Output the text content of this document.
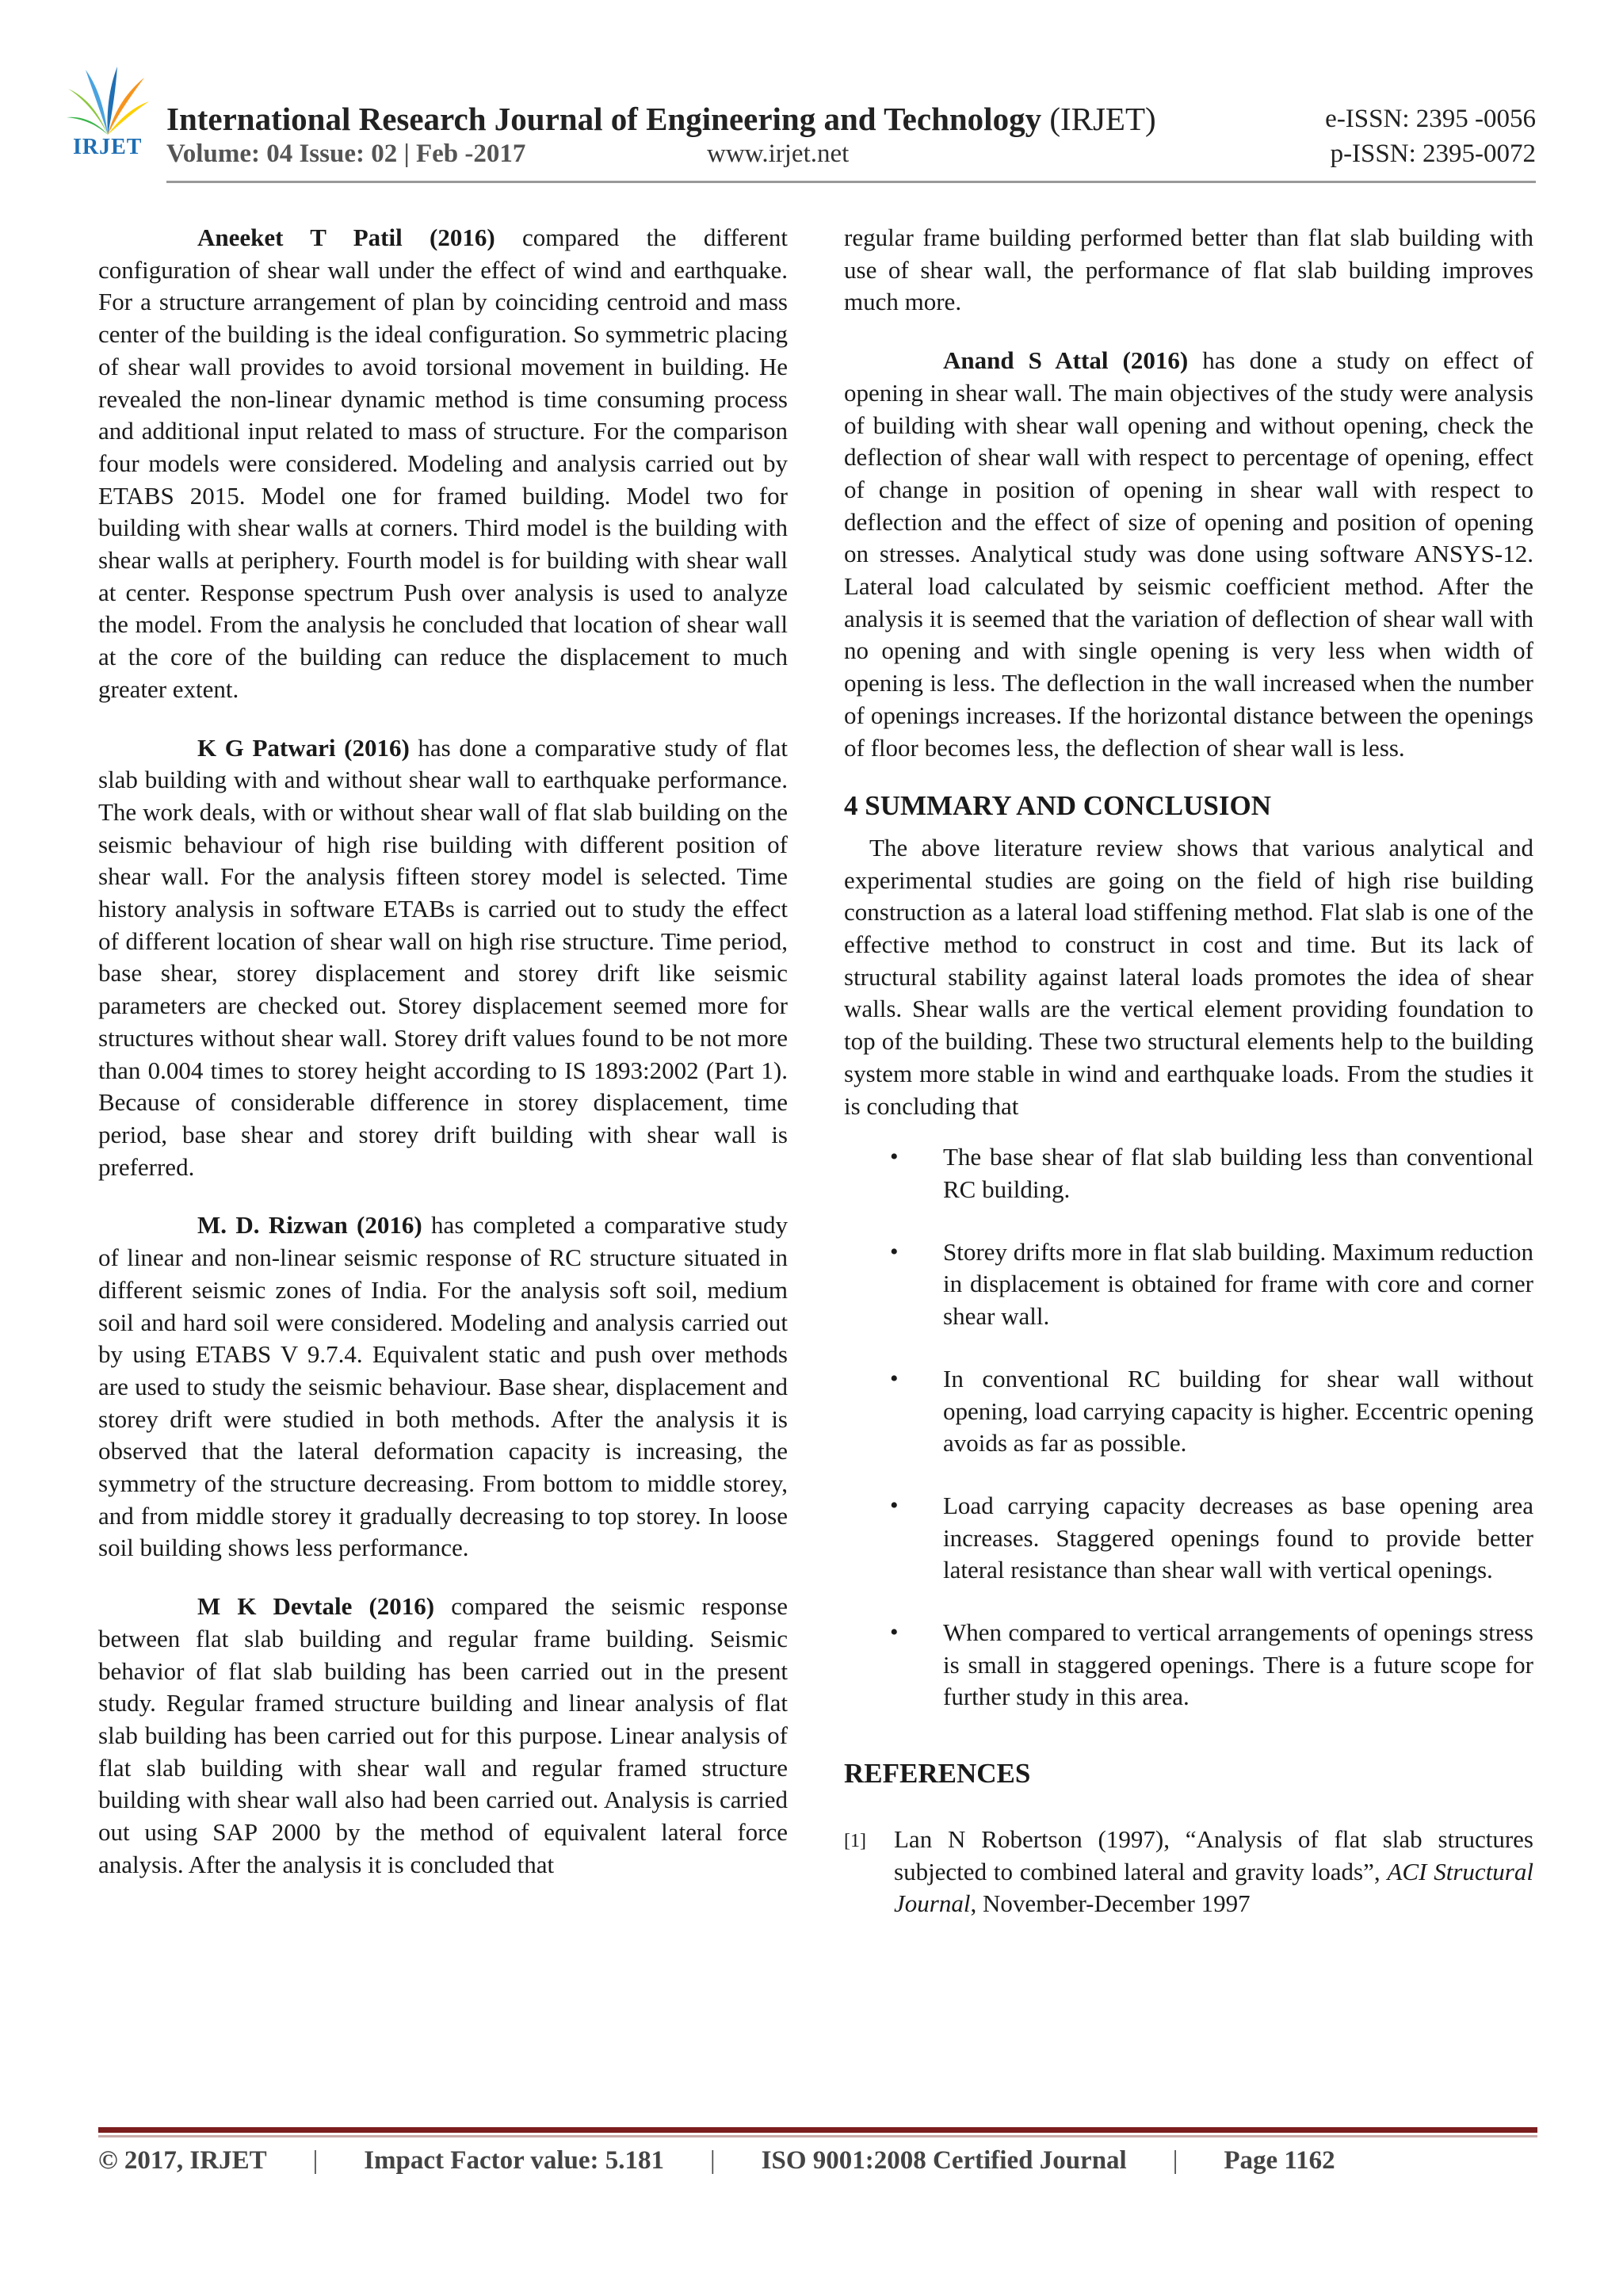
IRJET
International Research Journal of Engineering and Technology (IRJET)
Volume: 04 Issue: 02 | Feb -2017	www.irjet.net
e-ISSN: 2395 -0056
p-ISSN: 2395-0072

Aneeket T Patil (2016) compared the different configuration of shear wall under the effect of wind and earthquake. For a structure arrangement of plan by coinciding centroid and mass center of the building is the ideal configuration. So symmetric placing of shear wall provides to avoid torsional movement in building. He revealed the non-linear dynamic method is time consuming process and additional input related to mass of structure. For the comparison four models were considered. Modeling and analysis carried out by ETABS 2015. Model one for framed building. Model two for building with shear walls at corners. Third model is the building with shear walls at periphery. Fourth model is for building with shear wall at center. Response spectrum Push over analysis is used to analyze the model. From the analysis he concluded that location of shear wall at the core of the building can reduce the displacement to much greater extent.

K G Patwari (2016) has done a comparative study of flat slab building with and without shear wall to earthquake performance. The work deals, with or without shear wall of flat slab building on the seismic behaviour of high rise building with different position of shear wall. For the analysis fifteen storey model is selected. Time history analysis in software ETABs is carried out to study the effect of different location of shear wall on high rise structure. Time period, base shear, storey displacement and storey drift like seismic parameters are checked out. Storey displacement seemed more for structures without shear wall. Storey drift values found to be not more than 0.004 times to storey height according to IS 1893:2002 (Part 1). Because of considerable difference in storey displacement, time period, base shear and storey drift building with shear wall is preferred.

M. D. Rizwan (2016) has completed a comparative study of linear and non-linear seismic response of RC structure situated in different seismic zones of India. For the analysis soft soil, medium soil and hard soil were considered. Modeling and analysis carried out by using ETABS V 9.7.4. Equivalent static and push over methods are used to study the seismic behaviour. Base shear, displacement and storey drift were studied in both methods. After the analysis it is observed that the lateral deformation capacity is increasing, the symmetry of the structure decreasing. From bottom to middle storey, and from middle storey it gradually decreasing to top storey. In loose soil building shows less performance.

M K Devtale (2016) compared the seismic response between flat slab building and regular frame building. Seismic behavior of flat slab building has been carried out in the present study. Regular framed structure building and linear analysis of flat slab building has been carried out for this purpose. Linear analysis of flat slab building with shear wall and regular framed structure building with shear wall also had been carried out. Analysis is carried out using SAP 2000 by the method of equivalent lateral force analysis. After the analysis it is concluded that

regular frame building performed better than flat slab building with use of shear wall, the performance of flat slab building improves much more.

Anand S Attal (2016) has done a study on effect of opening in shear wall. The main objectives of the study were analysis of building with shear wall opening and without opening, check the deflection of shear wall with respect to percentage of opening, effect of change in position of opening in shear wall with respect to deflection and the effect of size of opening and position of opening on stresses. Analytical study was done using software ANSYS-12. Lateral load calculated by seismic coefficient method. After the analysis it is seemed that the variation of deflection of shear wall with no opening and with single opening is very less when width of opening is less. The deflection in the wall increased when the number of openings increases. If the horizontal distance between the openings of floor becomes less, the deflection of shear wall is less.

4 SUMMARY AND CONCLUSION

The above literature review shows that various analytical and experimental studies are going on the field of high rise building construction as a lateral load stiffening method. Flat slab is one of the effective method to construct in cost and time. But its lack of structural stability against lateral loads promotes the idea of shear walls. Shear walls are the vertical element providing foundation to top of the building. These two structural elements help to the building system more stable in wind and earthquake loads. From the studies it is concluding that

• The base shear of flat slab building less than conventional RC building.
• Storey drifts more in flat slab building. Maximum reduction in displacement is obtained for frame with core and corner shear wall.
• In conventional RC building for shear wall without opening, load carrying capacity is higher. Eccentric opening avoids as far as possible.
• Load carrying capacity decreases as base opening area increases. Staggered openings found to provide better lateral resistance than shear wall with vertical openings.
• When compared to vertical arrangements of openings stress is small in staggered openings. There is a future scope for further study in this area.
REFERENCES
[1] Lan N Robertson (1997), “Analysis of flat slab structures subjected to combined lateral and gravity loads”, ACI Structural Journal, November-December 1997
© 2017, IRJET | Impact Factor value: 5.181 | ISO 9001:2008 Certified Journal | Page 1162
